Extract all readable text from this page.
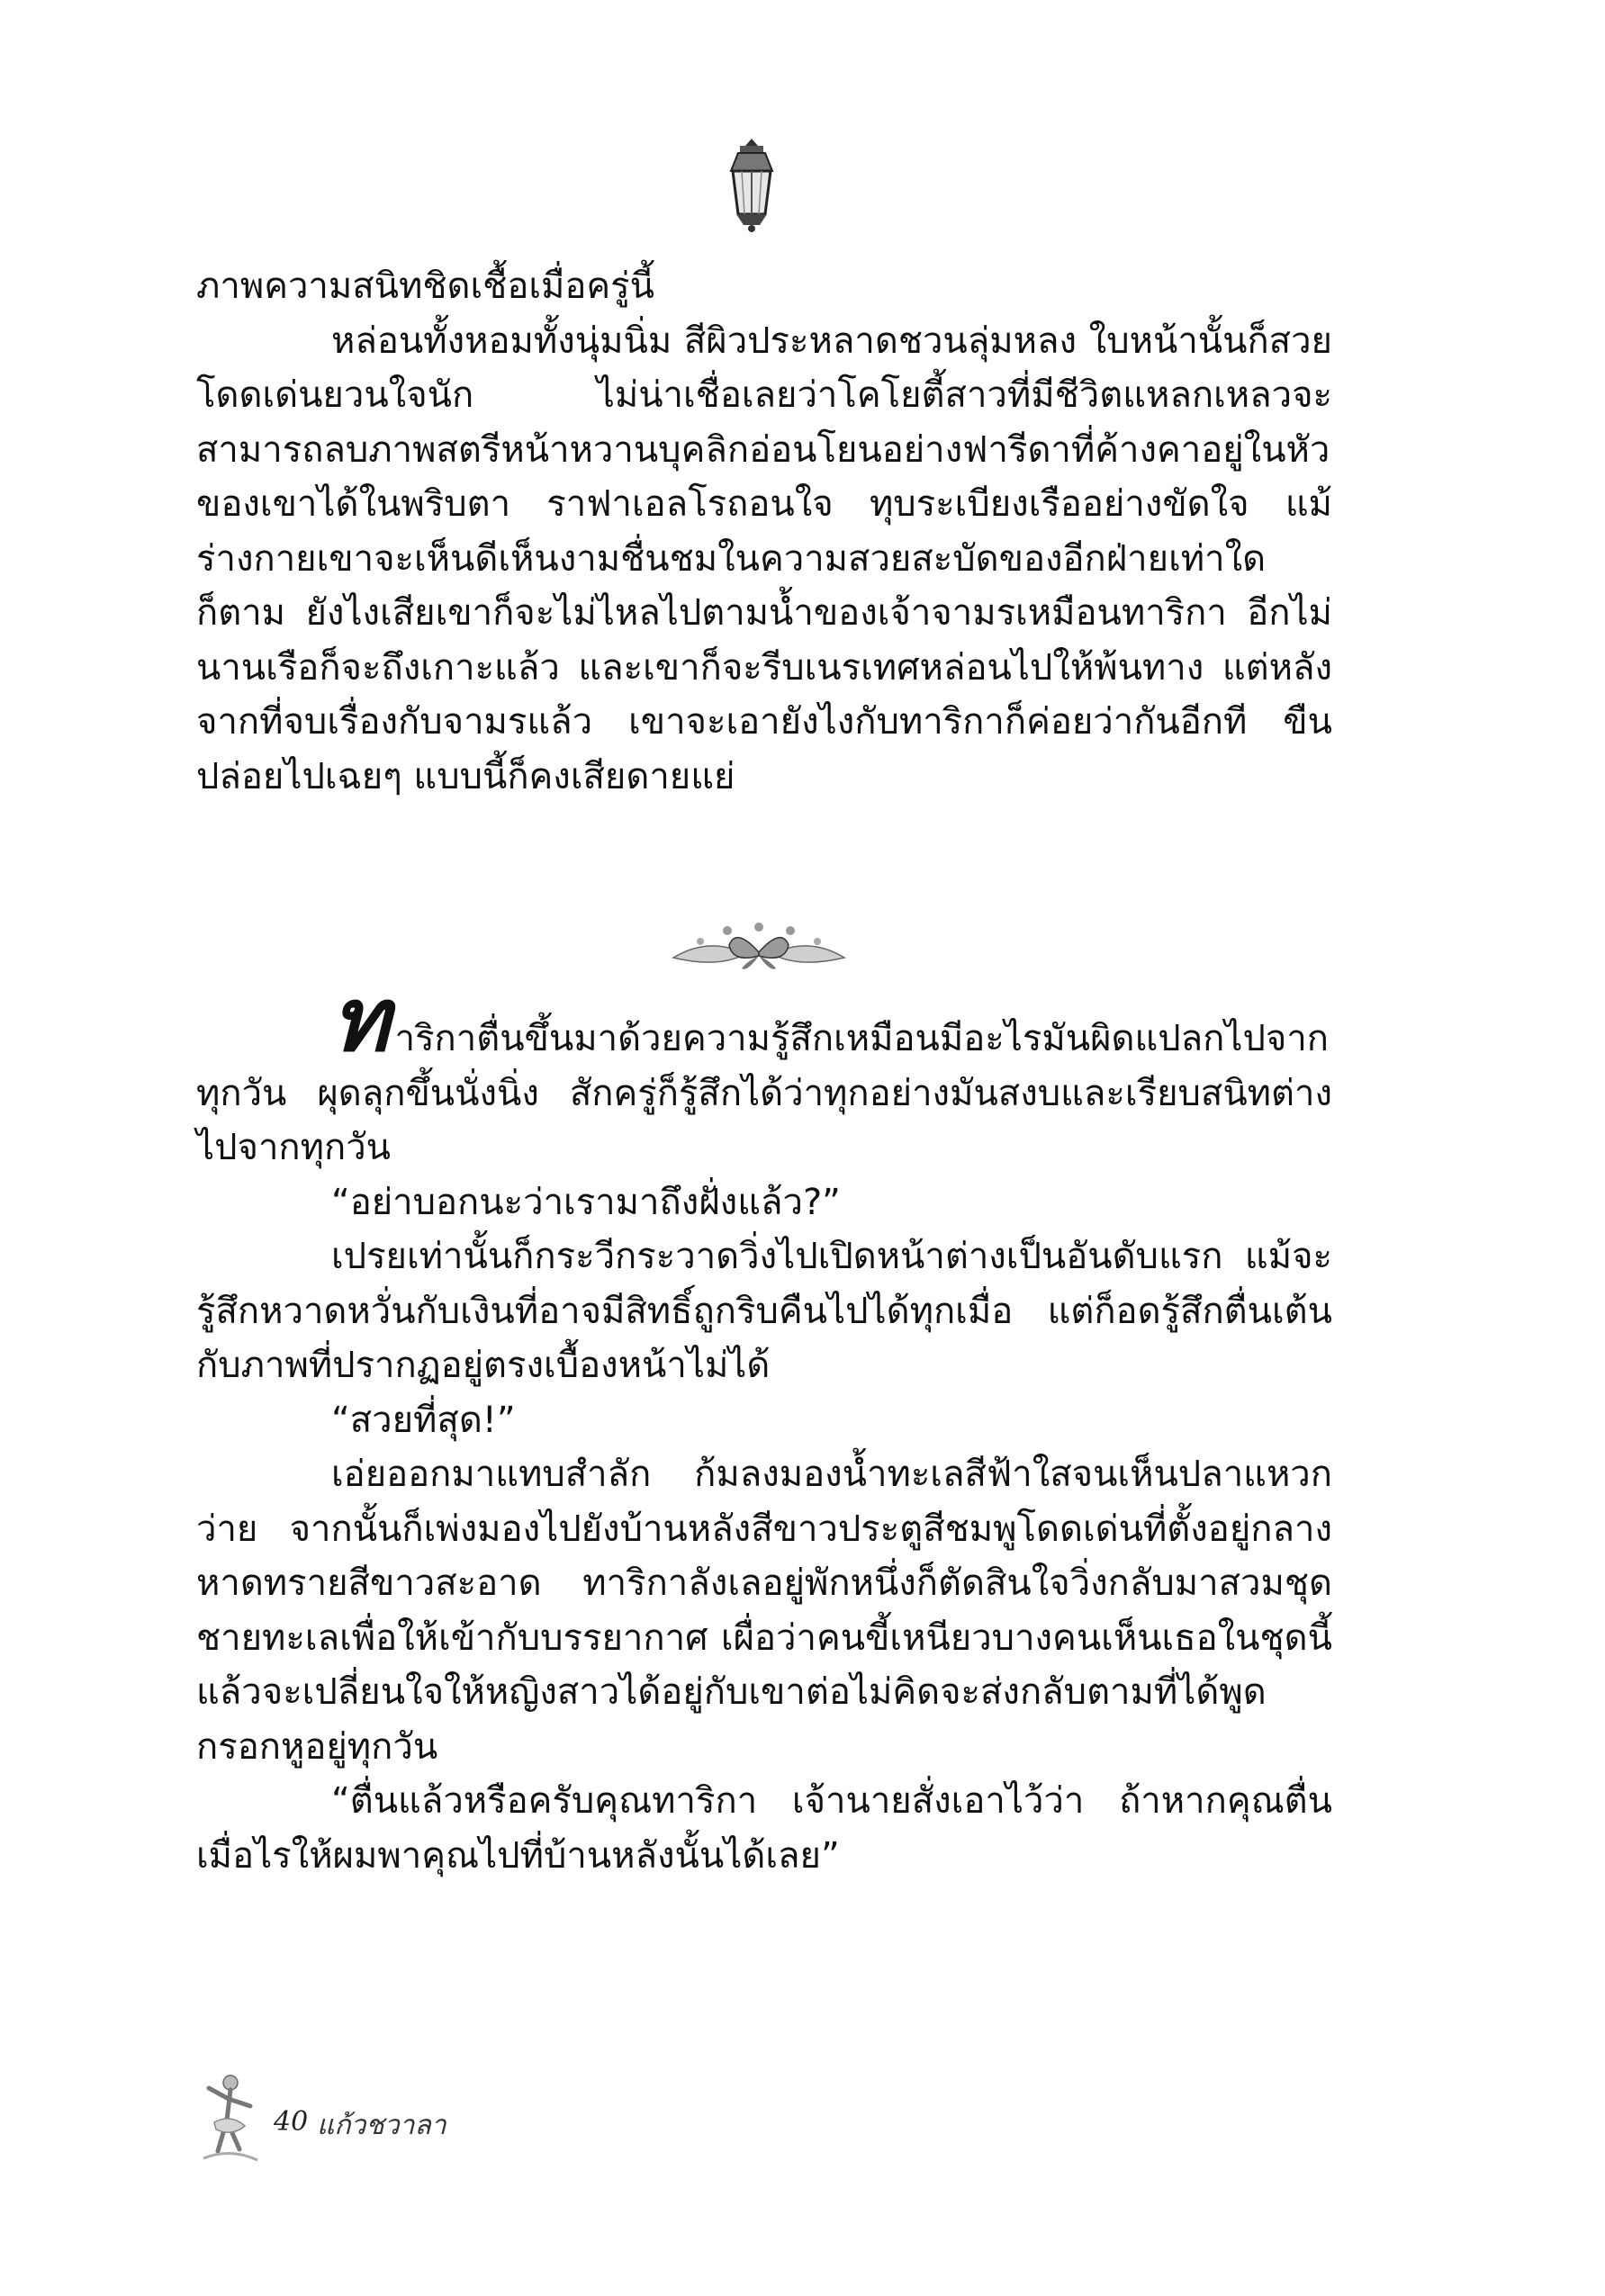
ภาพความสนิทชิดเชื้อเมื่อครู่นี้

หล่อนทั้งหอมทั้งนุ่มนิ่ม สีผิวประหลาดชวนลุ่มหลง ใบหน้านั้นก็สวยโดดเด่นยวนใจนัก ไม่น่าเชื่อเลยว่าโคโยตี้สาวที่มีชีวิตแหลกเหลวจะสามารถลบภาพสตรีหน้าหวานบุคลิกอ่อนโยนอย่างฟารีดาที่ค้างคาอยู่ในหัวของเขาได้ในพริบตา ราฟาเอลโรถอนใจ ทุบระเบียงเรืออย่างขัดใจ แม้ร่างกายเขาจะเห็นดีเห็นงามชื่นชมในความสวยสะบัดของอีกฝ่ายเท่าใดก็ตาม ยังไงเสียเขาก็จะไม่ไหลไปตามน้ำของเจ้าจามรเหมือนทาริกา อีกไม่นานเรือก็จะถึงเกาะแล้ว และเขาก็จะรีบเนรเทศหล่อนไปให้พ้นทาง แต่หลังจากที่จบเรื่องกับจามรแล้ว เขาจะเอายังไงกับทาริกาก็ค่อยว่ากันอีกที ขืนปล่อยไปเฉยๆ แบบนี้ก็คงเสียดายแย่

ทาริกาตื่นขึ้นมาด้วยความรู้สึกเหมือนมีอะไรมันผิดแปลกไปจากทุกวัน ผุดลุกขึ้นนั่งนิ่ง สักครู่ก็รู้สึกได้ว่าทุกอย่างมันสงบและเรียบสนิทต่างไปจากทุกวัน

“อย่าบอกนะว่าเรามาถึงฝั่งแล้ว?”

เปรยเท่านั้นก็กระวีกระวาดวิ่งไปเปิดหน้าต่างเป็นอันดับแรก แม้จะรู้สึกหวาดหวั่นกับเงินที่อาจมีสิทธิ์ถูกริบคืนไปได้ทุกเมื่อ แต่ก็อดรู้สึกตื่นเต้นกับภาพที่ปรากฏอยู่ตรงเบื้องหน้าไม่ได้

“สวยที่สุด!”

เอ่ยออกมาแทบสำลัก ก้มลงมองน้ำทะเลสีฟ้าใสจนเห็นปลาแหวกว่าย จากนั้นก็เพ่งมองไปยังบ้านหลังสีขาวประตูสีชมพูโดดเด่นที่ตั้งอยู่กลางหาดทรายสีขาวสะอาด ทาริกาลังเลอยู่พักหนึ่งก็ตัดสินใจวิ่งกลับมาสวมชุดชายทะเลเพื่อให้เข้ากับบรรยากาศ เผื่อว่าคนขี้เหนียวบางคนเห็นเธอในชุดนี้แล้วจะเปลี่ยนใจให้หญิงสาวได้อยู่กับเขาต่อไม่คิดจะส่งกลับตามที่ได้พูดกรอกหูอยู่ทุกวัน

“ตื่นแล้วหรือครับคุณทาริกา เจ้านายสั่งเอาไว้ว่า ถ้าหากคุณตื่นเมื่อไรให้ผมพาคุณไปที่บ้านหลังนั้นได้เลย”

40 แก้วชวาลา
